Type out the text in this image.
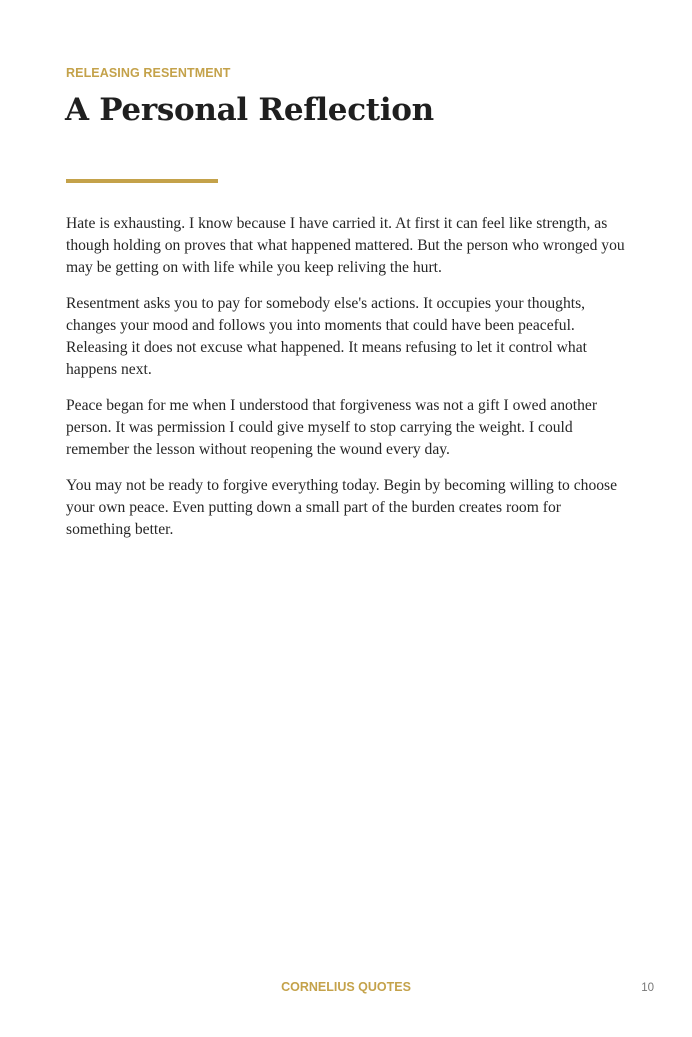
RELEASING RESENTMENT
A Personal Reflection

Hate is exhausting. I know because I have carried it. At first it can feel like strength, as though holding on proves that what happened mattered. But the person who wronged you may be getting on with life while you keep reliving the hurt.

Resentment asks you to pay for somebody else's actions. It occupies your thoughts, changes your mood and follows you into moments that could have been peaceful. Releasing it does not excuse what happened. It means refusing to let it control what happens next.

Peace began for me when I understood that forgiveness was not a gift I owed another person. It was permission I could give myself to stop carrying the weight. I could remember the lesson without reopening the wound every day.

You may not be ready to forgive everything today. Begin by becoming willing to choose your own peace. Even putting down a small part of the burden creates room for something better.

CORNELIUS QUOTES	10
